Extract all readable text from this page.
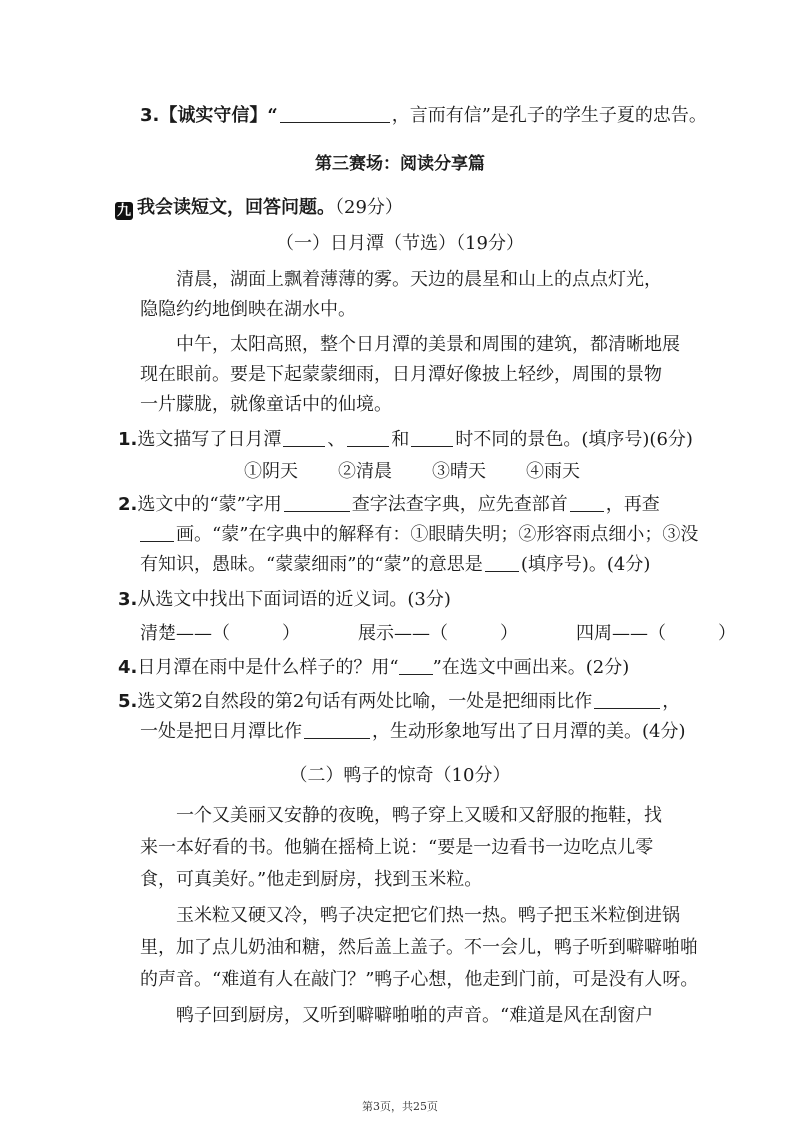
3.【诚实守信】“	，言而有信”是孔子的学生子夏的忠告。
第三赛场：阅读分享篇
九 我会读短文，回答问题。（29分）
（一）日月潭（节选）（19分）
清晨，湖面上飘着薄薄的雾。天边的晨星和山上的点点灯光，
隐隐约约地倒映在湖水中。
中午，太阳高照，整个日月潭的美景和周围的建筑，都清晰地展
现在眼前。要是下起蒙蒙细雨，日月潭好像披上轻纱，周围的景物
一片朦胧，就像童话中的仙境。
1.选文描写了日月潭	、	和	时不同的景色。(填序号)(6分)
①阴天 ②清晨 ③晴天 ④雨天
2.选文中的“蒙”字用	查字法查字典，应先查部首 ，再查
画。“蒙”在字典中的解释有：①眼睛失明；②形容雨点细小；③没
有知识，愚昧。“蒙蒙细雨”的“蒙”的意思是 (填序号)。(4分)
3.从选文中找出下面词语的近义词。(3分)
清楚——（	）	展示——（	）	四周——（	）
4.日月潭在雨中是什么样子的？用“ ”在选文中画出来。(2分)
5.选文第2自然段的第2句话有两处比喻，一处是把细雨比作	，
一处是把日月潭比作	，生动形象地写出了日月潭的美。(4分)
（二）鸭子的惊奇（10分）
一个又美丽又安静的夜晚，鸭子穿上又暖和又舒服的拖鞋，找
来一本好看的书。他躺在摇椅上说：“要是一边看书一边吃点儿零
食，可真美好。”他走到厨房，找到玉米粒。
玉米粒又硬又冷，鸭子决定把它们热一热。鸭子把玉米粒倒进锅
里，加了点儿奶油和糖，然后盖上盖子。不一会儿，鸭子听到噼噼啪啪
的声音。“难道有人在敲门？”鸭子心想，他走到门前，可是没有人呀。
鸭子回到厨房，又听到噼噼啪啪的声音。“难道是风在刮窗户
第3页，共25页
